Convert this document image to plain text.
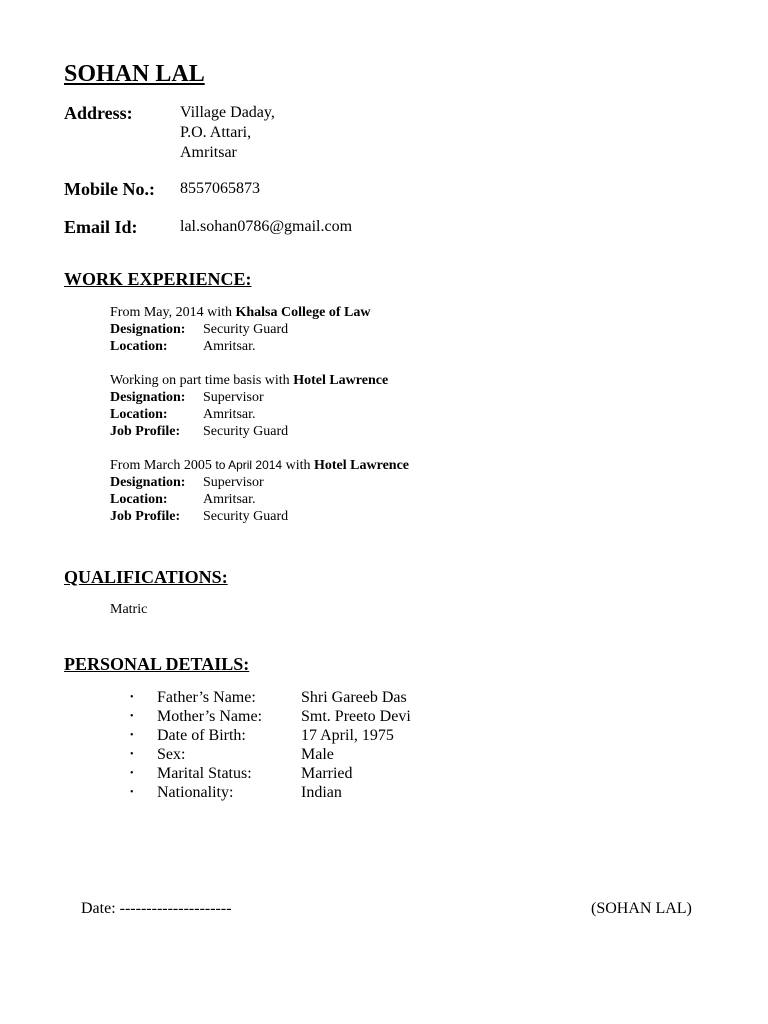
SOHAN LAL
Address:	Village Daday,
P.O. Attari,
Amritsar
Mobile No.: 8557065873
Email Id:	lal.sohan0786@gmail.com
WORK EXPERIENCE:
From May, 2014 with Khalsa College of Law
Designation:	Security Guard
Location:	Amritsar.
Working on part time basis with Hotel Lawrence
Designation:	Supervisor
Location:	Amritsar.
Job Profile:	Security Guard
From March 2005 to April 2014 with Hotel Lawrence
Designation:	Supervisor
Location:	Amritsar.
Job Profile:	Security Guard
QUALIFICATIONS:
Matric
PERSONAL DETAILS:
•	Father’s Name:	Shri Gareeb Das
•	Mother’s Name:	Smt. Preeto Devi
•	Date of Birth:	17 April, 1975
•	Sex:	Male
•	Marital Status:	Married
•	Nationality:	Indian
Date: ---------------------	(SOHAN LAL)
